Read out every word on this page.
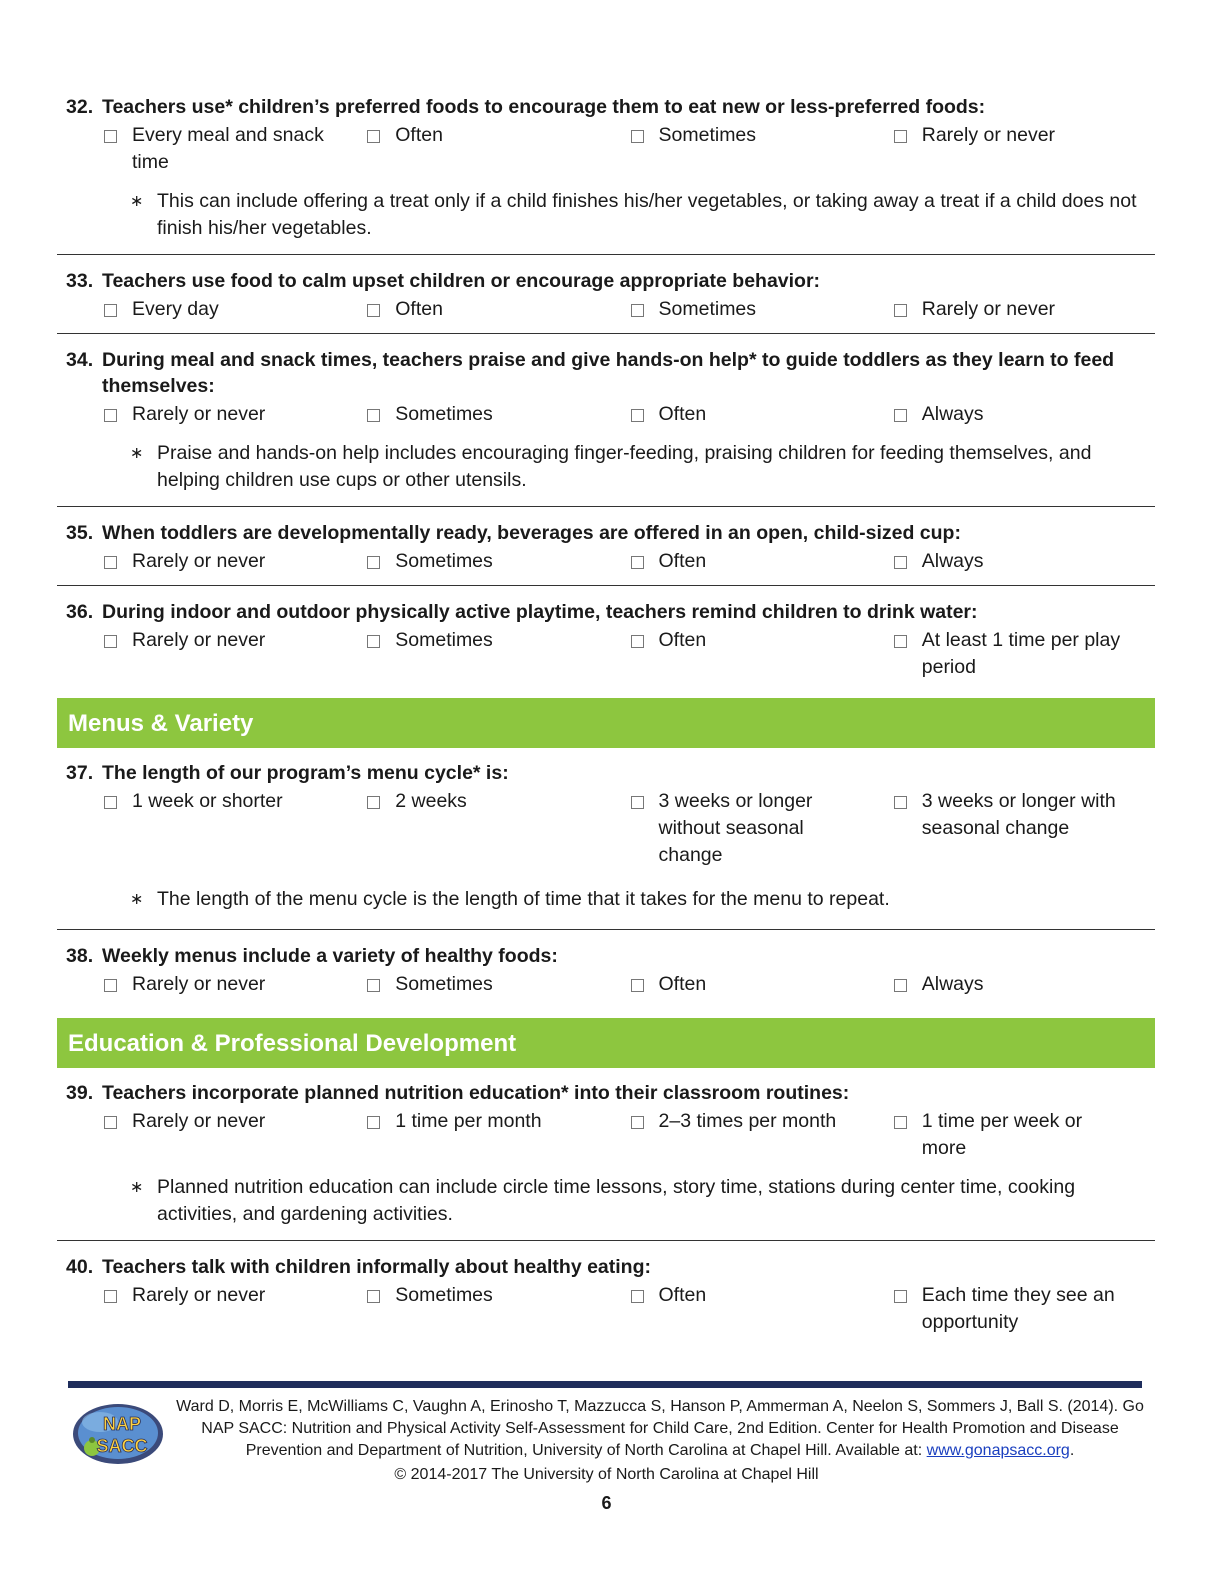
32. Teachers use* children’s preferred foods to encourage them to eat new or less-preferred foods:
Every meal and snack time
Often	Sometimes	Rarely or never
∗ This can include offering a treat only if a child finishes his/her vegetables, or taking away a treat if a child does not finish his/her vegetables.
33. Teachers use food to calm upset children or encourage appropriate behavior:
Every day	Often	Sometimes	Rarely or never
34. During meal and snack times, teachers praise and give hands-on help* to guide toddlers as they learn to feed themselves:
Rarely or never	Sometimes	Often	Always
∗ Praise and hands-on help includes encouraging finger-feeding, praising children for feeding themselves, and helping children use cups or other utensils.
35. When toddlers are developmentally ready, beverages are offered in an open, child-sized cup:
Rarely or never	Sometimes	Often	Always
36. During indoor and outdoor physically active playtime, teachers remind children to drink water:
Rarely or never	Sometimes	Often	At least 1 time per play period
Menus & Variety
37. The length of our program’s menu cycle* is:
1 week or shorter	2 weeks	3 weeks or longer without seasonal change
3 weeks or longer with seasonal change
∗ The length of the menu cycle is the length of time that it takes for the menu to repeat.
38. Weekly menus include a variety of healthy foods:
Rarely or never	Sometimes	Often	Always
Education & Professional Development
39. Teachers incorporate planned nutrition education* into their classroom routines:
Rarely or never	1 time per month	2–3 times per month	1 time per week or more
∗ Planned nutrition education can include circle time lessons, story time, stations during center time, cooking activities, and gardening activities.
40. Teachers talk with children informally about healthy eating:
Rarely or never	Sometimes	Often	Each time they see an opportunity
NAP
SACC
Ward D, Morris E, McWilliams C, Vaughn A, Erinosho T, Mazzucca S, Hanson P, Ammerman A, Neelon S, Sommers J, Ball S. (2014). Go NAP SACC: Nutrition and Physical Activity Self-Assessment for Child Care, 2nd Edition. Center for Health Promotion and Disease Prevention and Department of Nutrition, University of North Carolina at Chapel Hill. Available at: www.gonapsacc.org.
© 2014-2017 The University of North Carolina at Chapel Hill
6
